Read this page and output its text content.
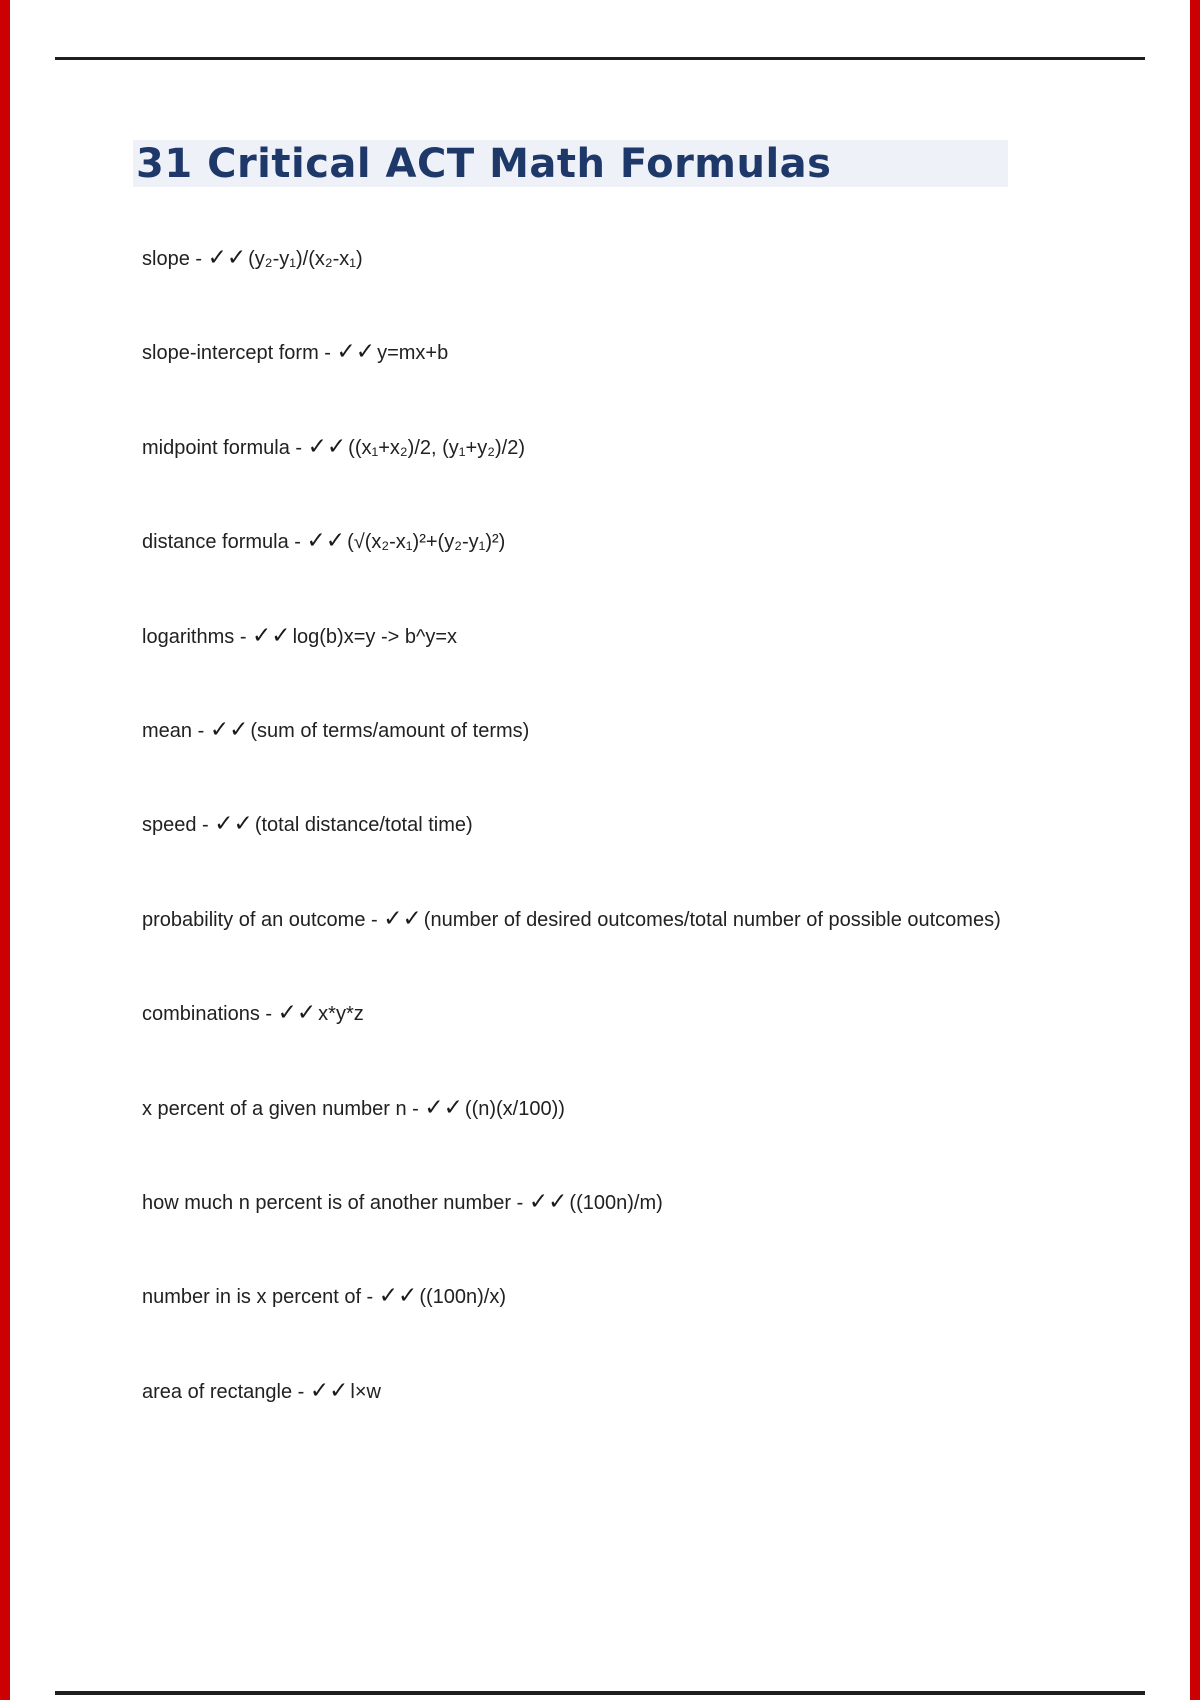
31 Critical ACT Math Formulas
slope - ✓✓ (y₂-y₁)/(x₂-x₁)
slope-intercept form - ✓✓ y=mx+b
midpoint formula - ✓✓ ((x₁+x₂)/2, (y₁+y₂)/2)
distance formula - ✓✓ (√(x₂-x₁)²+(y₂-y₁)²)
logarithms - ✓✓ log(b)x=y -> b^y=x
mean - ✓✓ (sum of terms/amount of terms)
speed - ✓✓ (total distance/total time)
probability of an outcome - ✓✓ (number of desired outcomes/total number of possible outcomes)
combinations - ✓✓ x*y*z
x percent of a given number n - ✓✓ ((n)(x/100))
how much n percent is of another number - ✓✓ ((100n)/m)
number in is x percent of - ✓✓ ((100n)/x)
area of rectangle - ✓✓ l×w
